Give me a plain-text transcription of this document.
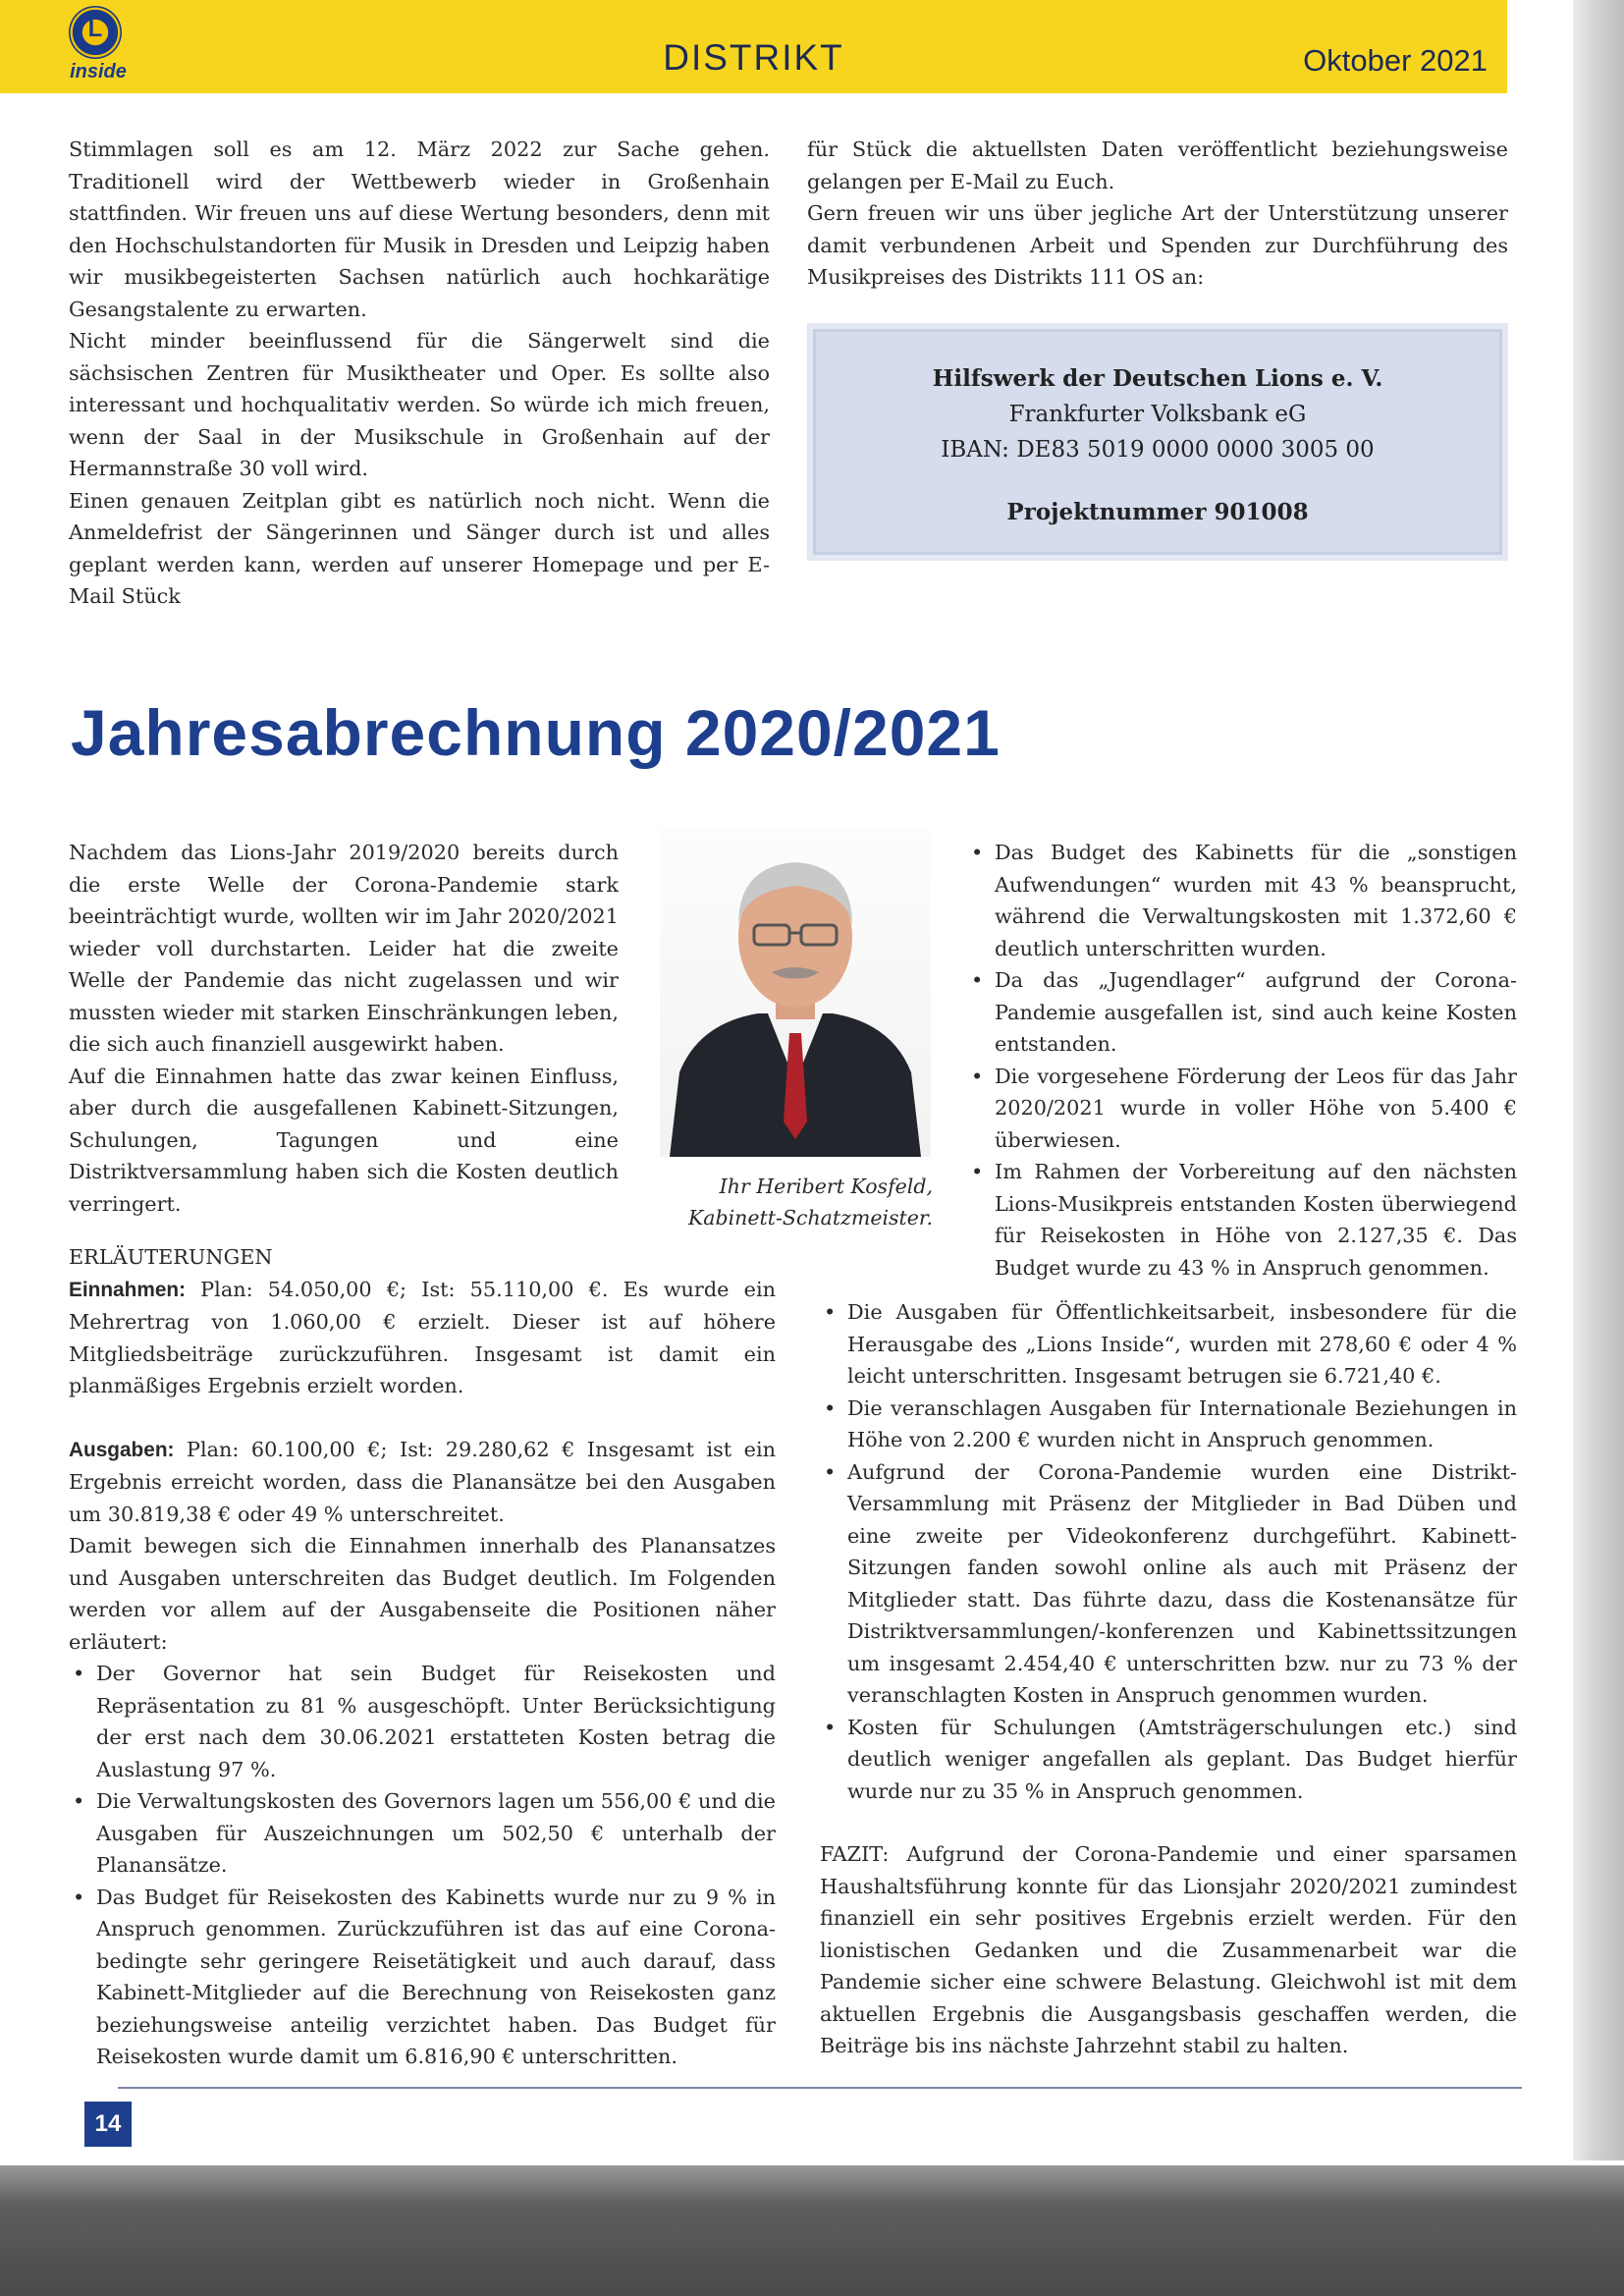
L
inside	DISTRIKT	Oktober 2021

Stimmlagen soll es am 12. März 2022 zur Sache gehen. Traditionell wird der Wettbewerb wieder in Großenhain stattfinden. Wir freuen uns auf diese Wertung besonders, denn mit den Hochschulstandorten für Musik in Dresden und Leipzig haben wir musikbegeisterten Sachsen natürlich auch hochkarätige Gesangstalente zu erwarten.

Nicht minder beeinflussend für die Sängerwelt sind die sächsischen Zentren für Musiktheater und Oper. Es sollte also interessant und hochqualitativ werden. So würde ich mich freuen, wenn der Saal in der Musikschule in Großenhain auf der Hermannstraße 30 voll wird.

Einen genauen Zeitplan gibt es natürlich noch nicht. Wenn die Anmeldefrist der Sängerinnen und Sänger durch ist und alles geplant werden kann, werden auf unserer Homepage und per E-Mail Stück

für Stück die aktuellsten Daten veröffentlicht beziehungsweise gelangen per E-Mail zu Euch.

Gern freuen wir uns über jegliche Art der Unterstützung unserer damit verbundenen Arbeit und Spenden zur Durchführung des Musikpreises des Distrikts 111 OS an:

Hilfswerk der Deutschen Lions e. V.
Frankfurter Volksbank eG
IBAN: DE83 5019 0000 0000 3005 00
Projektnummer 901008
Jahresabrechnung 2020/2021

Nachdem das Lions-Jahr 2019/2020 bereits durch die erste Welle der Corona-Pandemie stark beeinträchtigt wurde, wollten wir im Jahr 2020/2021 wieder voll durchstarten. Leider hat die zweite Welle der Pandemie das nicht zugelassen und wir mussten wieder mit starken Einschränkungen leben, die sich auch finanziell ausgewirkt haben.

Auf die Einnahmen hatte das zwar keinen Einfluss, aber durch die ausgefallenen Kabinett-Sitzungen, Schulungen, Tagungen und eine Distriktversammlung haben sich die Kosten deutlich verringert.

Ihr Heribert Kosfeld,
Kabinett-Schatzmeister.

ERLÄUTERUNGEN

Einnahmen: Plan: 54.050,00 €; Ist: 55.110,00 €. Es wurde ein Mehrertrag von 1.060,00 € erzielt. Dieser ist auf höhere Mitgliedsbeiträge zurückzuführen. Insgesamt ist damit ein planmäßiges Ergebnis erzielt worden.

Ausgaben: Plan: 60.100,00 €; Ist: 29.280,62 € Insgesamt ist ein Ergebnis erreicht worden, dass die Planansätze bei den Ausgaben um 30.819,38 € oder 49 % unterschreitet.

Damit bewegen sich die Einnahmen innerhalb des Planansatzes und Ausgaben unterschreiten das Budget deutlich. Im Folgenden werden vor allem auf der Ausgabenseite die Positionen näher erläutert:

• Der Governor hat sein Budget für Reisekosten und Repräsentation zu 81 % ausgeschöpft. Unter Berücksichtigung der erst nach dem 30.06.2021 erstatteten Kosten betrag die Auslastung 97 %.

• Die Verwaltungskosten des Governors lagen um 556,00 € und die Ausgaben für Auszeichnungen um 502,50 € unterhalb der Planansätze.

• Das Budget für Reisekosten des Kabinetts wurde nur zu 9 % in Anspruch genommen. Zurückzuführen ist das auf eine Corona-bedingte sehr geringere Reisetätigkeit und auch darauf, dass Kabinett-Mitglieder auf die Berechnung von Reisekosten ganz beziehungsweise anteilig verzichtet haben. Das Budget für Reisekosten wurde damit um 6.816,90 € unterschritten.

• Das Budget des Kabinetts für die „sonstigen Aufwendungen“ wurden mit 43 % beansprucht, während die Verwaltungskosten mit 1.372,60 € deutlich unterschritten wurden.

• Da das „Jugendlager“ aufgrund der Corona-Pandemie ausgefallen ist, sind auch keine Kosten entstanden.

• Die vorgesehene Förderung der Leos für das Jahr 2020/2021 wurde in voller Höhe von 5.400 € überwiesen.

• Im Rahmen der Vorbereitung auf den nächsten Lions-Musikpreis entstanden Kosten überwiegend für Reisekosten in Höhe von 2.127,35 €. Das Budget wurde zu 43 % in Anspruch genommen.

• Die Ausgaben für Öffentlichkeitsarbeit, insbesondere für die Herausgabe des „Lions Inside“, wurden mit 278,60 € oder 4 % leicht unterschritten. Insgesamt betrugen sie 6.721,40 €.

• Die veranschlagen Ausgaben für Internationale Beziehungen in Höhe von 2.200 € wurden nicht in Anspruch genommen.

• Aufgrund der Corona-Pandemie wurden eine Distrikt-Versammlung mit Präsenz der Mitglieder in Bad Düben und eine zweite per Videokonferenz durchgeführt. Kabinett-Sitzungen fanden sowohl online als auch mit Präsenz der Mitglieder statt. Das führte dazu, dass die Kostenansätze für Distriktversammlungen/-konferenzen und Kabinettssitzungen um insgesamt 2.454,40 € unterschritten bzw. nur zu 73 % der veranschlagten Kosten in Anspruch genommen wurden.

• Kosten für Schulungen (Amtsträgerschulungen etc.) sind deutlich weniger angefallen als geplant. Das Budget hierfür wurde nur zu 35 % in Anspruch genommen.

FAZIT: Aufgrund der Corona-Pandemie und einer sparsamen Haushaltsführung konnte für das Lionsjahr 2020/2021 zumindest finanziell ein sehr positives Ergebnis erzielt werden. Für den lionistischen Gedanken und die Zusammenarbeit war die Pandemie sicher eine schwere Belastung. Gleichwohl ist mit dem aktuellen Ergebnis die Ausgangsbasis geschaffen werden, die Beiträge bis ins nächste Jahrzehnt stabil zu halten.

14
